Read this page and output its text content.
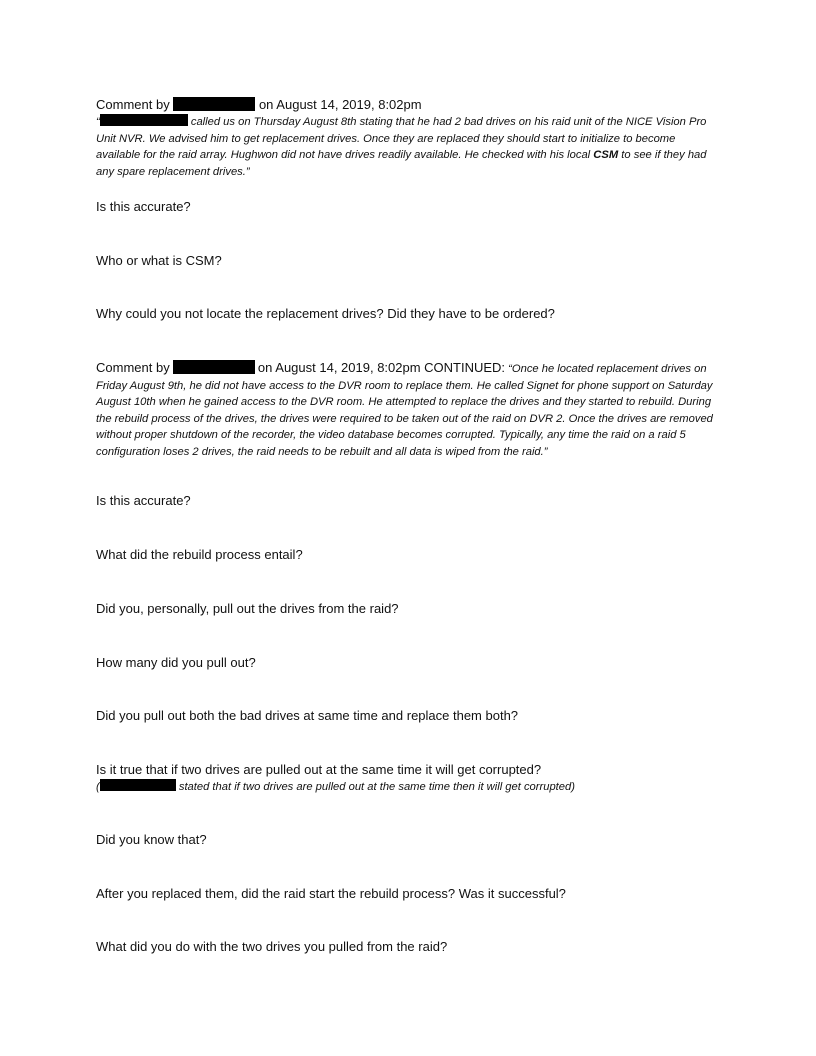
Comment by	on August 14, 2019, 8:02pm
“	called us on Thursday August 8th stating that he had 2 bad drives on his raid unit of the NICE Vision Pro Unit NVR. We advised him to get replacement drives. Once they are replaced they should start to initialize to become available for the raid array. Hughwon did not have drives readily available. He checked with his local CSM to see if they had any spare replacement drives.”
Is this accurate?
Who or what is CSM?
Why could you not locate the replacement drives? Did they have to be ordered?
Comment by	on August 14, 2019, 8:02pm CONTINUED: “Once he located replacement drives on Friday August 9th, he did not have access to the DVR room to replace them. He called Signet for phone support on Saturday August 10th when he gained access to the DVR room. He attempted to replace the drives and they started to rebuild. During the rebuild process of the drives, the drives were required to be taken out of the raid on DVR 2. Once the drives are removed without proper shutdown of the recorder, the video database becomes corrupted. Typically, any time the raid on a raid 5 configuration loses 2 drives, the raid needs to be rebuilt and all data is wiped from the raid.”
Is this accurate?
What did the rebuild process entail?
Did you, personally, pull out the drives from the raid?
How many did you pull out?
Did you pull out both the bad drives at same time and replace them both?
Is it true that if two drives are pulled out at the same time it will get corrupted?
(	stated that if two drives are pulled out at the same time then it will get corrupted)
Did you know that?
After you replaced them, did the raid start the rebuild process? Was it successful?
What did you do with the two drives you pulled from the raid?
